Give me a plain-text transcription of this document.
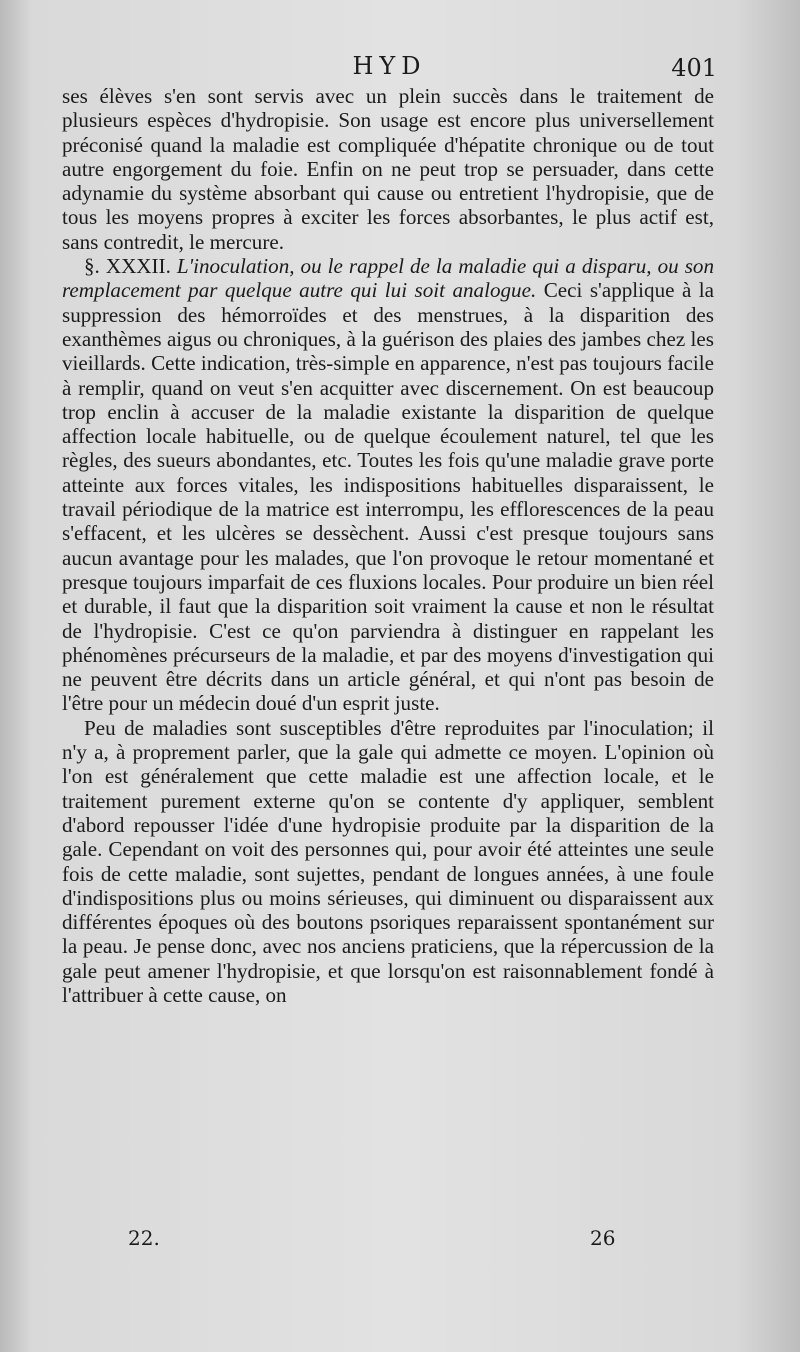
HYD	401

ses élèves s'en sont servis avec un plein succès dans le traitement de plusieurs espèces d'hydropisie. Son usage est encore plus universellement préconisé quand la maladie est compliquée d'hépatite chronique ou de tout autre engorgement du foie. Enfin on ne peut trop se persuader, dans cette adynamie du système absorbant qui cause ou entretient l'hydropisie, que de tous les moyens propres à exciter les forces absorbantes, le plus actif est, sans contredit, le mercure.

§. XXXII. L'inoculation, ou le rappel de la maladie qui a disparu, ou son remplacement par quelque autre qui lui soit analogue. Ceci s'applique à la suppression des hémorroïdes et des menstrues, à la disparition des exanthèmes aigus ou chroniques, à la guérison des plaies des jambes chez les vieillards. Cette indication, très-simple en apparence, n'est pas toujours facile à remplir, quand on veut s'en acquitter avec discernement. On est beaucoup trop enclin à accuser de la maladie existante la disparition de quelque affection locale habituelle, ou de quelque écoulement naturel, tel que les règles, des sueurs abondantes, etc. Toutes les fois qu'une maladie grave porte atteinte aux forces vitales, les indispositions habituelles disparaissent, le travail périodique de la matrice est interrompu, les efflorescences de la peau s'effacent, et les ulcères se dessèchent. Aussi c'est presque toujours sans aucun avantage pour les malades, que l'on provoque le retour momentané et presque toujours imparfait de ces fluxions locales. Pour produire un bien réel et durable, il faut que la disparition soit vraiment la cause et non le résultat de l'hydropisie. C'est ce qu'on parviendra à distinguer en rappelant les phénomènes précurseurs de la maladie, et par des moyens d'investigation qui ne peuvent être décrits dans un article général, et qui n'ont pas besoin de l'être pour un médecin doué d'un esprit juste.

Peu de maladies sont susceptibles d'être reproduites par l'inoculation; il n'y a, à proprement parler, que la gale qui admette ce moyen. L'opinion où l'on est généralement que cette maladie est une affection locale, et le traitement purement externe qu'on se contente d'y appliquer, semblent d'abord repousser l'idée d'une hydropisie produite par la disparition de la gale. Cependant on voit des personnes qui, pour avoir été atteintes une seule fois de cette maladie, sont sujettes, pendant de longues années, à une foule d'indispositions plus ou moins sérieuses, qui diminuent ou disparaissent aux différentes époques où des boutons psoriques reparaissent spontanément sur la peau. Je pense donc, avec nos anciens praticiens, que la répercussion de la gale peut amener l'hydropisie, et que lorsqu'on est raisonnablement fondé à l'attribuer à cette cause, on

22.	26
